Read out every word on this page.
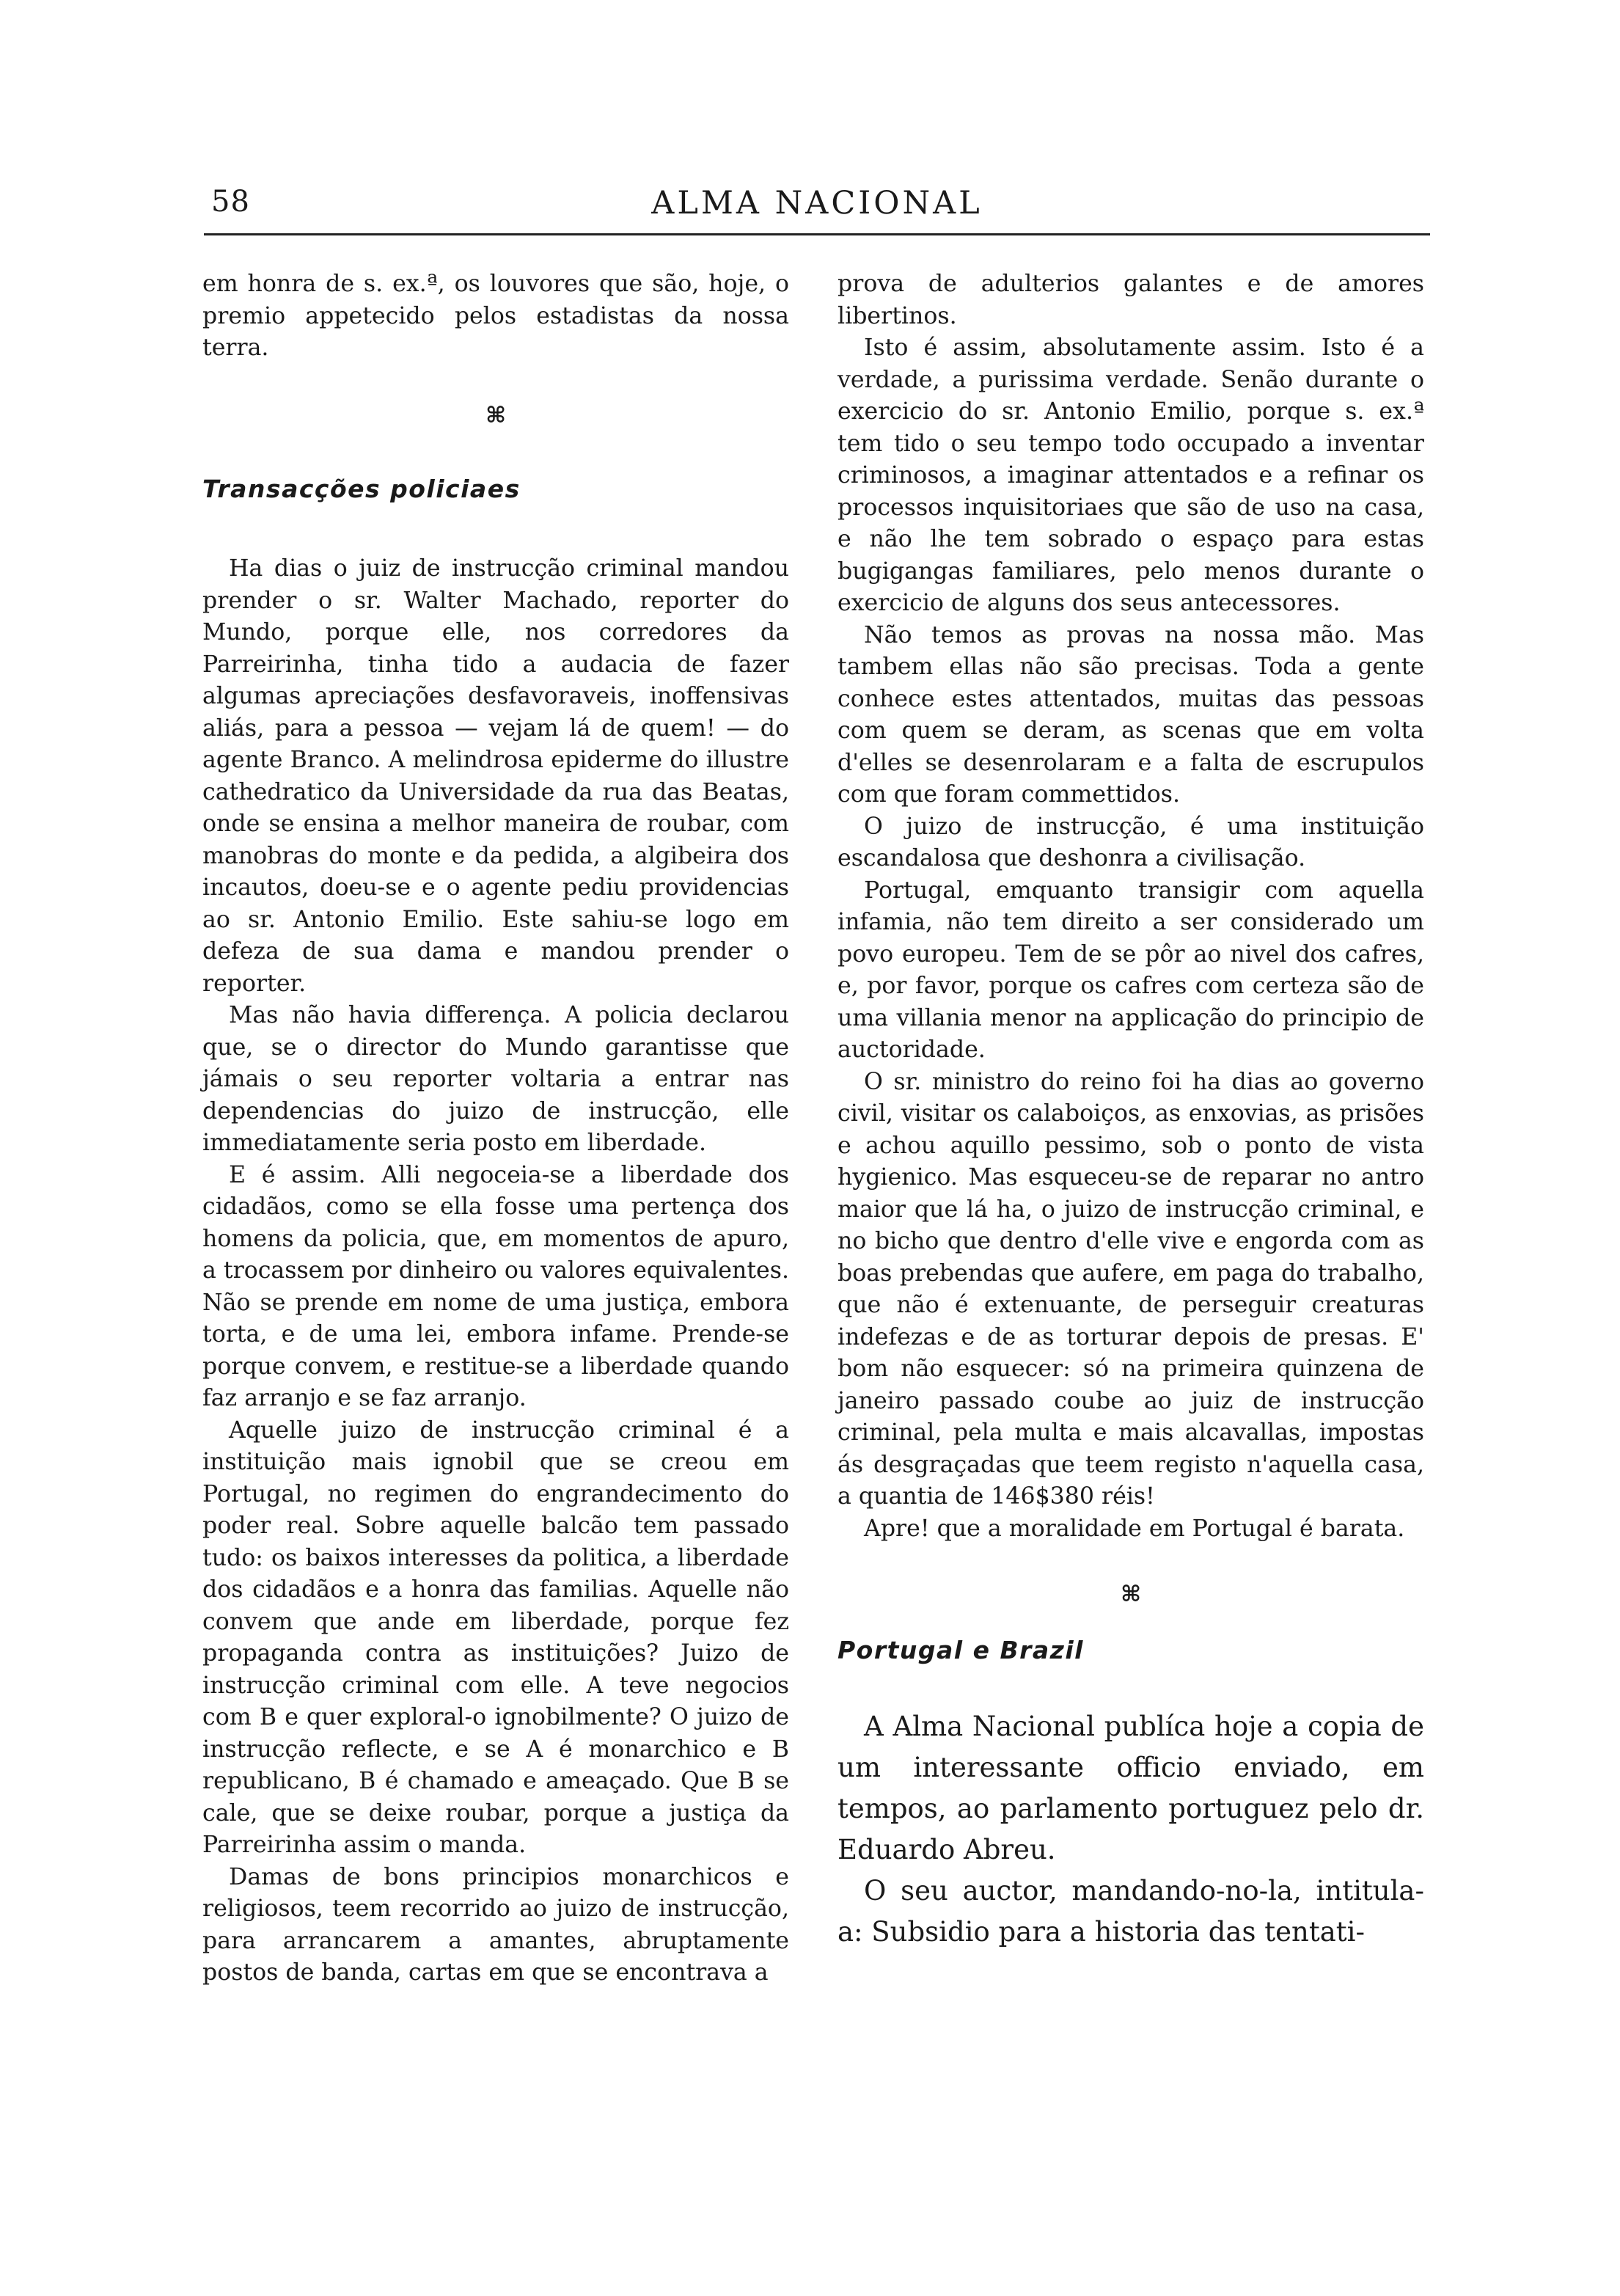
58	ALMA NACIONAL

em honra de s. ex.ª, os louvores que são, hoje, o premio appetecido pelos estadistas da nossa terra.

⌘
Transacções policiaes

Ha dias o juiz de instrucção criminal mandou prender o sr. Walter Machado, reporter do Mundo, porque elle, nos corredores da Parreirinha, tinha tido a audacia de fazer algumas apreciações desfavoraveis, inoffensivas aliás, para a pessoa — vejam lá de quem! — do agente Branco. A melindrosa epiderme do illustre cathedratico da Universidade da rua das Beatas, onde se ensina a melhor maneira de roubar, com manobras do monte e da pedida, a algibeira dos incautos, doeu-se e o agente pediu providencias ao sr. Antonio Emilio. Este sahiu-se logo em defeza de sua dama e mandou prender o reporter.

Mas não havia differença. A policia declarou que, se o director do Mundo garantisse que jámais o seu reporter voltaria a entrar nas dependencias do juizo de instrucção, elle immediatamente seria posto em liberdade.

E é assim. Alli negoceia-se a liberdade dos cidadãos, como se ella fosse uma pertença dos homens da policia, que, em momentos de apuro, a trocassem por dinheiro ou valores equivalentes. Não se prende em nome de uma justiça, embora torta, e de uma lei, embora infame. Prende-se porque convem, e restitue-se a liberdade quando faz arranjo e se faz arranjo.

Aquelle juizo de instrucção criminal é a instituição mais ignobil que se creou em Portugal, no regimen do engrandecimento do poder real. Sobre aquelle balcão tem passado tudo: os baixos interesses da politica, a liberdade dos cidadãos e a honra das familias. Aquelle não convem que ande em liberdade, porque fez propaganda contra as instituições? Juizo de instrucção criminal com elle. A teve negocios com B e quer exploral-o ignobilmente? O juizo de instrucção reflecte, e se A é monarchico e B republicano, B é chamado e ameaçado. Que B se cale, que se deixe roubar, porque a justiça da Parreirinha assim o manda.

Damas de bons principios monarchicos e religiosos, teem recorrido ao juizo de instrucção, para arrancarem a amantes, abruptamente postos de banda, cartas em que se encontrava a

prova de adulterios galantes e de amores libertinos.

Isto é assim, absolutamente assim. Isto é a verdade, a purissima verdade. Senão durante o exercicio do sr. Antonio Emilio, porque s. ex.ª tem tido o seu tempo todo occupado a inventar criminosos, a imaginar attentados e a refinar os processos inquisitoriaes que são de uso na casa, e não lhe tem sobrado o espaço para estas bugigangas familiares, pelo menos durante o exercicio de alguns dos seus antecessores.

Não temos as provas na nossa mão. Mas tambem ellas não são precisas. Toda a gente conhece estes attentados, muitas das pessoas com quem se deram, as scenas que em volta d'elles se desenrolaram e a falta de escrupulos com que foram commettidos.

O juizo de instrucção, é uma instituição escandalosa que deshonra a civilisação.

Portugal, emquanto transigir com aquella infamia, não tem direito a ser considerado um povo europeu. Tem de se pôr ao nivel dos cafres, e, por favor, porque os cafres com certeza são de uma villania menor na applicação do principio de auctoridade.

O sr. ministro do reino foi ha dias ao governo civil, visitar os calaboiços, as enxovias, as prisões e achou aquillo pessimo, sob o ponto de vista hygienico. Mas esqueceu-se de reparar no antro maior que lá ha, o juizo de instrucção criminal, e no bicho que dentro d'elle vive e engorda com as boas prebendas que aufere, em paga do trabalho, que não é extenuante, de perseguir creaturas indefezas e de as torturar depois de presas. E' bom não esquecer: só na primeira quinzena de janeiro passado coube ao juiz de instrucção criminal, pela multa e mais alcavallas, impostas ás desgraçadas que teem registo n'aquella casa, a quantia de 146$380 réis!

Apre! que a moralidade em Portugal é barata.

⌘
Portugal e Brazil

A Alma Nacional publíca hoje a copia de um interessante officio enviado, em tempos, ao parlamento portuguez pelo dr. Eduardo Abreu.

O seu auctor, mandando-no-la, intitula-a: Subsidio para a historia das tentati-
